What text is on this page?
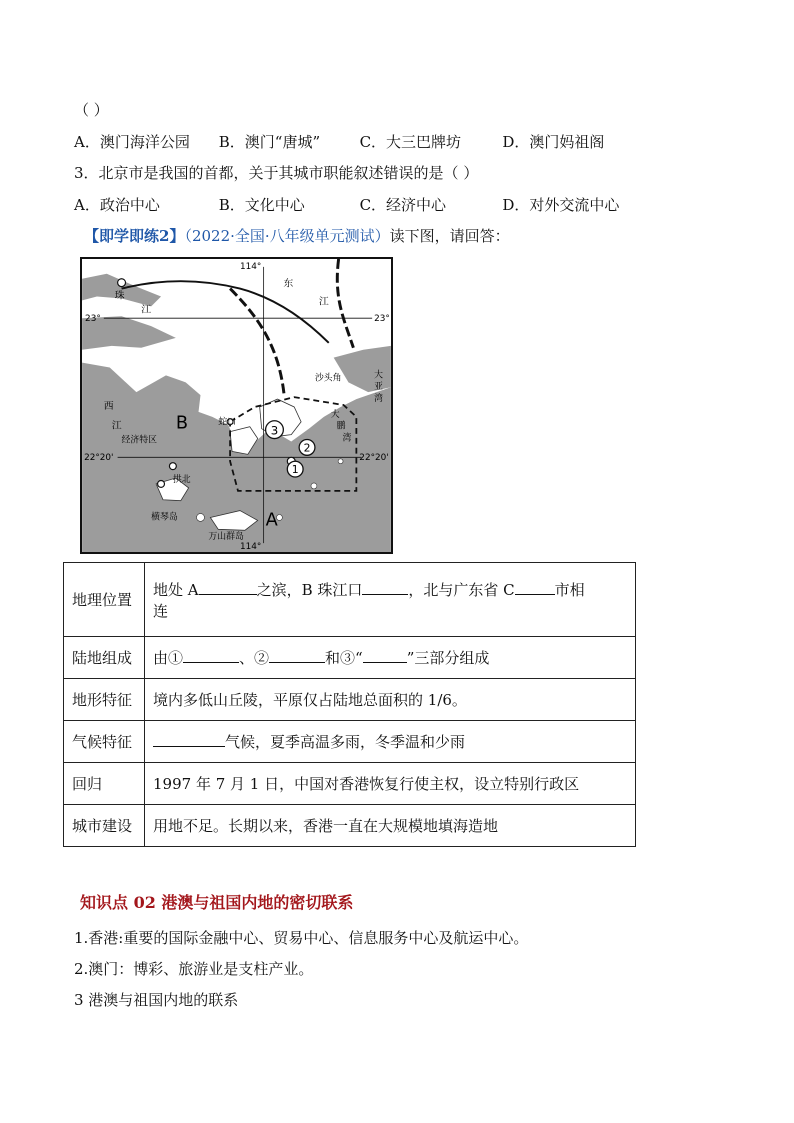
（ ）
A．澳门海洋公园 B．澳门“唐城”	C．大三巴牌坊	D．澳门妈祖阁
3．北京市是我国的首都，关于其城市职能叙述错误的是（ ）
A．政治中心	B．文化中心	C．经济中心	D．对外交流中心
【即学即练2】（2022·全国·八年级单元测试）读下图，请回答：
3
2
1
114°
114°
23°	23°
22°20'	22°20'
珠
江
东
江
沙头角	大
亚
湾
大
鹏
湾
西
江	B
A
蛇口
经济特区
拱北
横琴岛
万山群岛
地理位置	地处 A 之滨，B 珠江口 ，北与广东省 C 市相
连
陆地组成	由① 、② 和③“ ”三部分组成
地形特征	境内多低山丘陵，平原仅占陆地总面积的 1/6。
气候特征	气候，夏季高温多雨，冬季温和少雨
回归	1997 年 7 月 1 日，中国对香港恢复行使主权，设立特别行政区
城市建设	用地不足。长期以来，香港一直在大规模地填海造地
知识点 02 港澳与祖国内地的密切联系
1.香港:重要的国际金融中心、贸易中心、信息服务中心及航运中心。
2.澳门：博彩、旅游业是支柱产业。
3 港澳与祖国内地的联系
